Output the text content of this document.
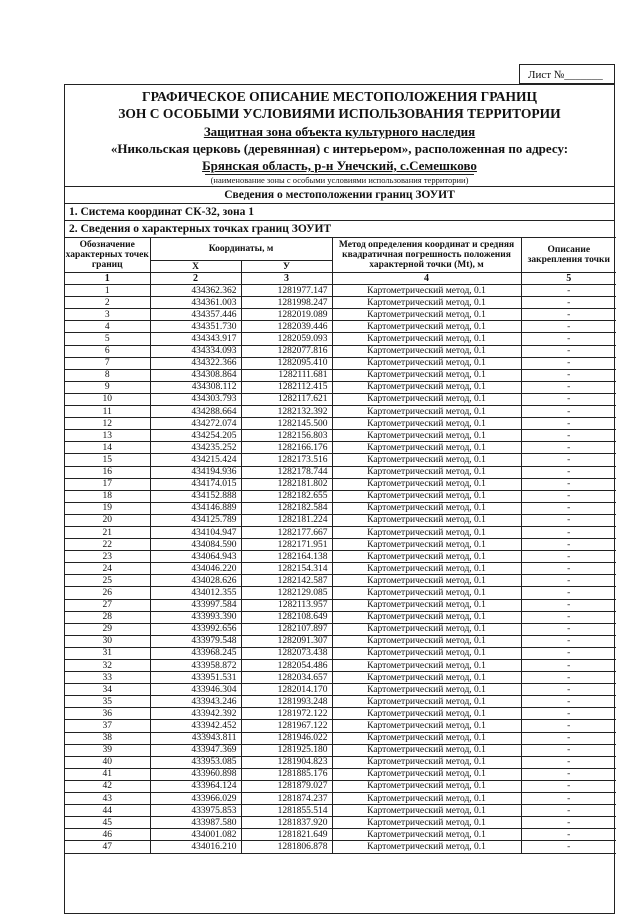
Лист №_______
ГРАФИЧЕСКОЕ ОПИСАНИЕ МЕСТОПОЛОЖЕНИЯ ГРАНИЦ
ЗОН С ОСОБЫМИ УСЛОВИЯМИ ИСПОЛЬЗОВАНИЯ ТЕРРИТОРИИ
Защитная зона объекта культурного наследия
«Никольская церковь (деревянная) с интерьером», расположенная по адресу:
Брянская область, р-н Унечский, с.Семешково
(наименование зоны с особыми условиями использования территории)
Сведения о местоположении границ ЗОУИТ
1. Система координат СК-32, зона 1
2. Сведения о характерных точках границ ЗОУИТ
Обозначение характерных точек границ	Координаты, м		Метод определения координат и средняя квадратичная погрешность положения характерной точки (Mt), м	Описание закрепления точки
	X	У		
1	2	3	4	5
1	434362.362	1281977.147	Картометрический метод, 0.1	-
2	434361.003	1281998.247	Картометрический метод, 0.1	-
3	434357.446	1282019.089	Картометрический метод, 0.1	-
4	434351.730	1282039.446	Картометрический метод, 0.1	-
5	434343.917	1282059.093	Картометрический метод, 0.1	-
6	434334.093	1282077.816	Картометрический метод, 0.1	-
7	434322.366	1282095.410	Картометрический метод, 0.1	-
8	434308.864	1282111.681	Картометрический метод, 0.1	-
9	434308.112	1282112.415	Картометрический метод, 0.1	-
10	434303.793	1282117.621	Картометрический метод, 0.1	-
11	434288.664	1282132.392	Картометрический метод, 0.1	-
12	434272.074	1282145.500	Картометрический метод, 0.1	-
13	434254.205	1282156.803	Картометрический метод, 0.1	-
14	434235.252	1282166.176	Картометрический метод, 0.1	-
15	434215.424	1282173.516	Картометрический метод, 0.1	-
16	434194.936	1282178.744	Картометрический метод, 0.1	-
17	434174.015	1282181.802	Картометрический метод, 0.1	-
18	434152.888	1282182.655	Картометрический метод, 0.1	-
19	434146.889	1282182.584	Картометрический метод, 0.1	-
20	434125.789	1282181.224	Картометрический метод, 0.1	-
21	434104.947	1282177.667	Картометрический метод, 0.1	-
22	434084.590	1282171.951	Картометрический метод, 0.1	-
23	434064.943	1282164.138	Картометрический метод, 0.1	-
24	434046.220	1282154.314	Картометрический метод, 0.1	-
25	434028.626	1282142.587	Картометрический метод, 0.1	-
26	434012.355	1282129.085	Картометрический метод, 0.1	-
27	433997.584	1282113.957	Картометрический метод, 0.1	-
28	433993.390	1282108.649	Картометрический метод, 0.1	-
29	433992.656	1282107.897	Картометрический метод, 0.1	-
30	433979.548	1282091.307	Картометрический метод, 0.1	-
31	433968.245	1282073.438	Картометрический метод, 0.1	-
32	433958.872	1282054.486	Картометрический метод, 0.1	-
33	433951.531	1282034.657	Картометрический метод, 0.1	-
34	433946.304	1282014.170	Картометрический метод, 0.1	-
35	433943.246	1281993.248	Картометрический метод, 0.1	-
36	433942.392	1281972.122	Картометрический метод, 0.1	-
37	433942.452	1281967.122	Картометрический метод, 0.1	-
38	433943.811	1281946.022	Картометрический метод, 0.1	-
39	433947.369	1281925.180	Картометрический метод, 0.1	-
40	433953.085	1281904.823	Картометрический метод, 0.1	-
41	433960.898	1281885.176	Картометрический метод, 0.1	-
42	433964.124	1281879.027	Картометрический метод, 0.1	-
43	433966.029	1281874.237	Картометрический метод, 0.1	-
44	433975.853	1281855.514	Картометрический метод, 0.1	-
45	433987.580	1281837.920	Картометрический метод, 0.1	-
46	434001.082	1281821.649	Картометрический метод, 0.1	-
47	434016.210	1281806.878	Картометрический метод, 0.1	-
